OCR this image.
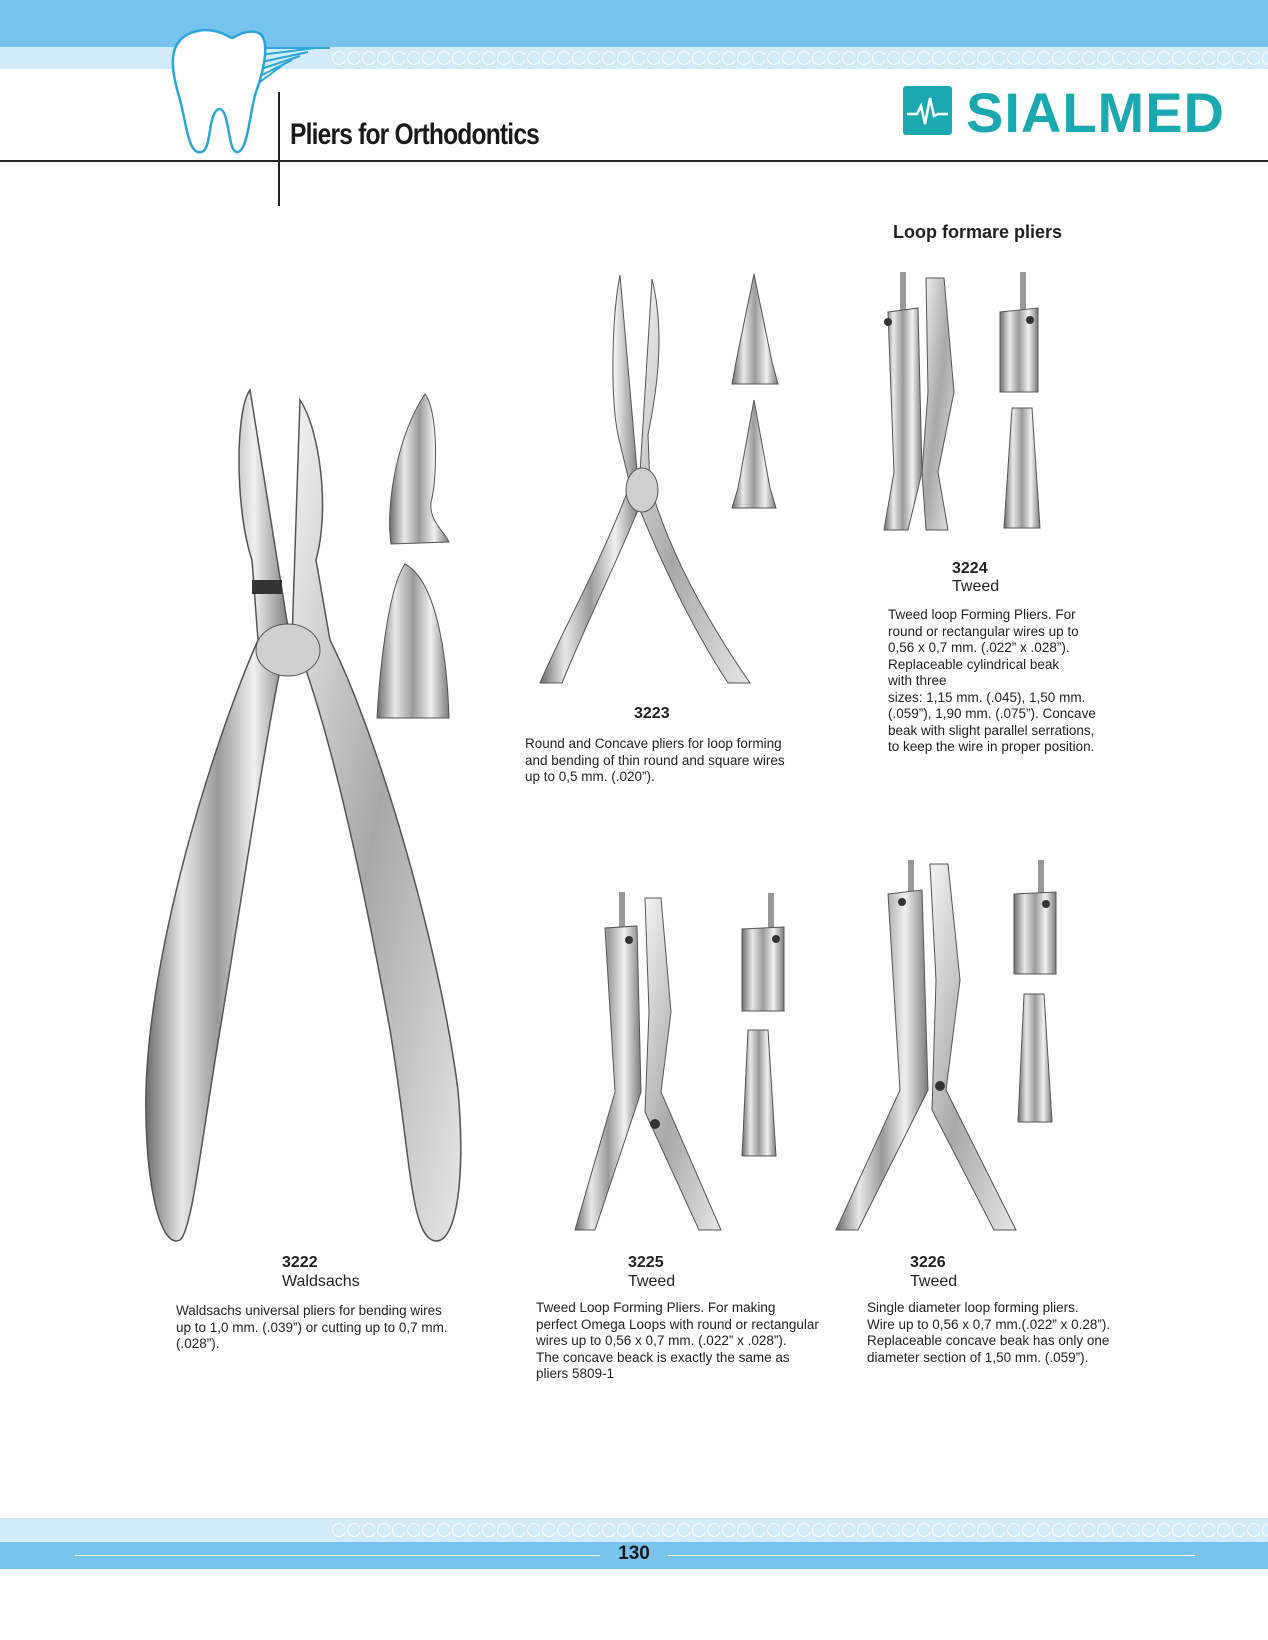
Pliers for Orthodontics	SIALMED
Loop formare pliers
3222
Waldsachs
Waldsachs universal pliers for bending wires
up to 1,0 mm. (.039”) or cutting up to 0,7 mm.
(.028”).
3223
Round and Concave pliers for loop forming
and bending of thin round and square wires
up to 0,5 mm. (.020”).
3224
Tweed
Tweed loop Forming Pliers. For
round or rectangular wires up to
0,56 x 0,7 mm. (.022” x .028”).
Replaceable cylindrical beak
with three
sizes: 1,15 mm. (.045), 1,50 mm.
(.059”), 1,90 mm. (.075”). Concave
beak with slight parallel serrations,
to keep the wire in proper position.
3225
Tweed
Tweed Loop Forming Pliers. For making
perfect Omega Loops with round or rectangular
wires up to 0,56 x 0,7 mm. (.022” x .028”).
The concave beack is exactly the same as
pliers 5809-1
3226
Tweed
Single diameter loop forming pliers.
Wire up to 0,56 x 0,7 mm.(.022” x 0.28”).
Replaceable concave beak has only one
diameter section of 1,50 mm. (.059”).
130
